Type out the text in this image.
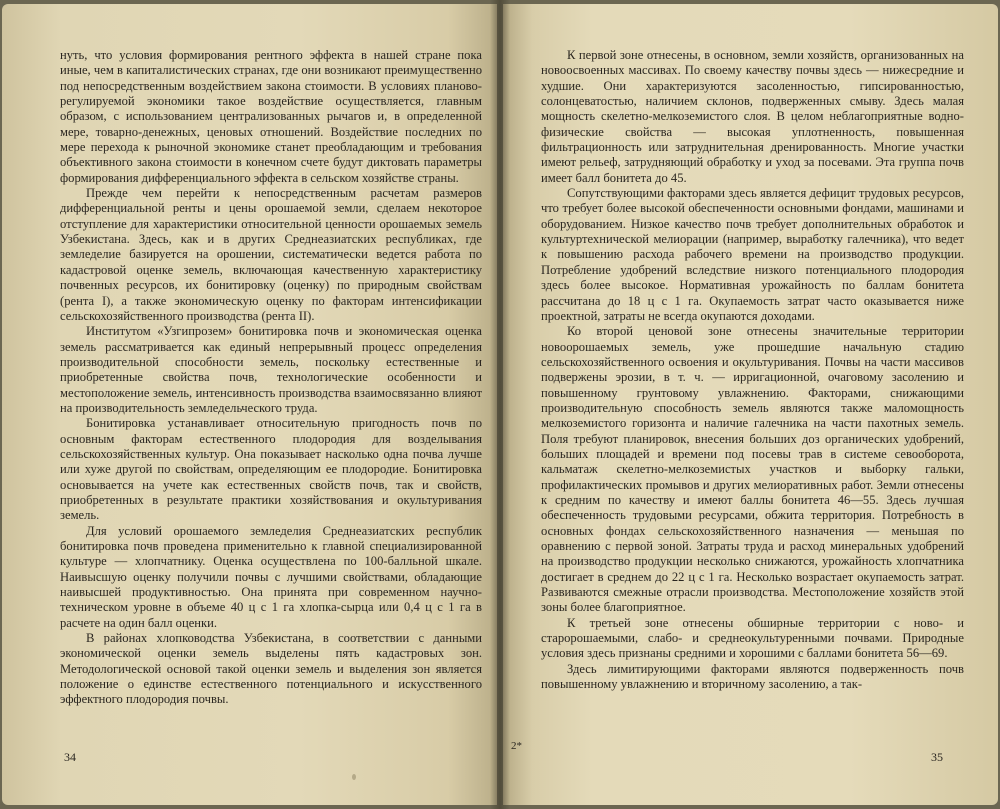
нуть, что условия формирования рентного эффекта в нашей стране пока иные, чем в капиталистических странах, где они возникают преимущественно под непосредственным воздействием закона стоимости. В условиях планово-регулируемой экономики такое воздействие осуществляется, главным образом, с использованием централизованных рычагов и, в определенной мере, товарно-денежных, ценовых отношений. Воздействие последних по мере перехода к рыночной экономике станет преобладающим и требования объективного закона стоимости в конечном счете будут диктовать параметры формирования дифференциального эффекта в сельском хозяйстве страны.

Прежде чем перейти к непосредственным расчетам размеров дифференциальной ренты и цены орошаемой земли, сделаем некоторое отступление для характеристики относительной ценности орошаемых земель Узбекистана. Здесь, как и в других Среднеазиатских республиках, где земледелие базируется на орошении, систематически ведется работа по кадастровой оценке земель, включающая качественную характеристику почвенных ресурсов, их бонитировку (оценку) по природным свойствам (рента I), а также экономическую оценку по факторам интенсификации сельскохозяйственного производства (рента II).

Институтом «Узгипрозем» бонитировка почв и экономическая оценка земель рассматривается как единый непрерывный процесс определения производительной способности земель, поскольку естественные и приобретенные свойства почв, технологические особенности и местоположение земель, интенсивность производства взаимосвязанно влияют на производительность земледельческого труда.

Бонитировка устанавливает относительную пригодность почв по основным факторам естественного плодородия для возделывания сельскохозяйственных культур. Она показывает насколько одна почва лучше или хуже другой по свойствам, определяющим ее плодородие. Бонитировка основывается на учете как естественных свойств почв, так и свойств, приобретенных в результате практики хозяйствования и окультуривания земель.

Для условий орошаемого земледелия Среднеазиатских республик бонитировка почв проведена применительно к главной специализированной культуре — хлопчатнику. Оценка осуществлена по 100-балльной шкале. Наивысшую оценку получили почвы с лучшими свойствами, обладающие наивысшей продуктивностью. Она принята при современном научно-техническом уровне в объеме 40 ц с 1 га хлопка-сырца или 0,4 ц с 1 га в расчете на один балл оценки.

В районах хлопководства Узбекистана, в соответствии с данными экономической оценки земель выделены пять кадастровых зон. Методологической основой такой оценки земель и выделения зон является положение о единстве естественного потенциального и искусственного эффектного плодородия почвы.

34

К первой зоне отнесены, в основном, земли хозяйств, организованных на новоосвоенных массивах. По своему качеству почвы здесь — нижесредние и худшие. Они характеризуются засоленностью, гипсированностью, солонцеватостью, наличием склонов, подверженных смыву. Здесь малая мощность скелетно-мелкоземистого слоя. В целом неблагоприятные водно-физические свойства — высокая уплотненность, повышенная фильтрационность или затруднительная дренированность. Многие участки имеют рельеф, затрудняющий обработку и уход за посевами. Эта группа почв имеет балл бонитета до 45.

Сопутствующими факторами здесь является дефицит трудовых ресурсов, что требует более высокой обеспеченности основными фондами, машинами и оборудованием. Низкое качество почв требует дополнительных обработок и культуртехнической мелиорации (например, выработку галечника), что ведет к повышению расхода рабочего времени на производство продукции. Потребление удобрений вследствие низкого потенциального плодородия здесь более высокое. Нормативная урожайность по баллам бонитета рассчитана до 18 ц с 1 га. Окупаемость затрат часто оказывается ниже проектной, затраты не всегда окупаются доходами.

Ко второй ценовой зоне отнесены значительные территории новоорошаемых земель, уже прошедшие начальную стадию сельскохозяйственного освоения и окультуривания. Почвы на части массивов подвержены эрозии, в т. ч. — ирригационной, очаговому засолению и повышенному грунтовому увлажнению. Факторами, снижающими производительную способность земель являются также маломощность мелкоземистого горизонта и наличие галечника на части пахотных земель. Поля требуют планировок, внесения больших доз органических удобрений, больших площадей и времени под посевы трав в системе севооборота, кальматаж скелетно-мелкоземистых участков и выборку гальки, профилактических промывов и других мелиоративных работ. Земли отнесены к средним по качеству и имеют баллы бонитета 46—55. Здесь лучшая обеспеченность трудовыми ресурсами, обжита территория. Потребность в основных фондах сельскохозяйственного назначения — меньшая по оравнению с первой зоной. Затраты труда и расход минеральных удобрений на производство продукции несколько снижаются, урожайность хлопчатника достигает в среднем до 22 ц с 1 га. Несколько возрастает окупаемость затрат. Развиваются смежные отрасли производства. Местоположение хозяйств этой зоны более благоприятное.

К третьей зоне отнесены обширные территории с ново- и старорошаемыми, слабо- и среднеокультуренными почвами. Природные условия здесь признаны средними и хорошими с баллами бонитета 56—69.

Здесь лимитирующими факторами являются подверженность почв повышенному увлажнению и вторичному засолению, а так-

2*
35
